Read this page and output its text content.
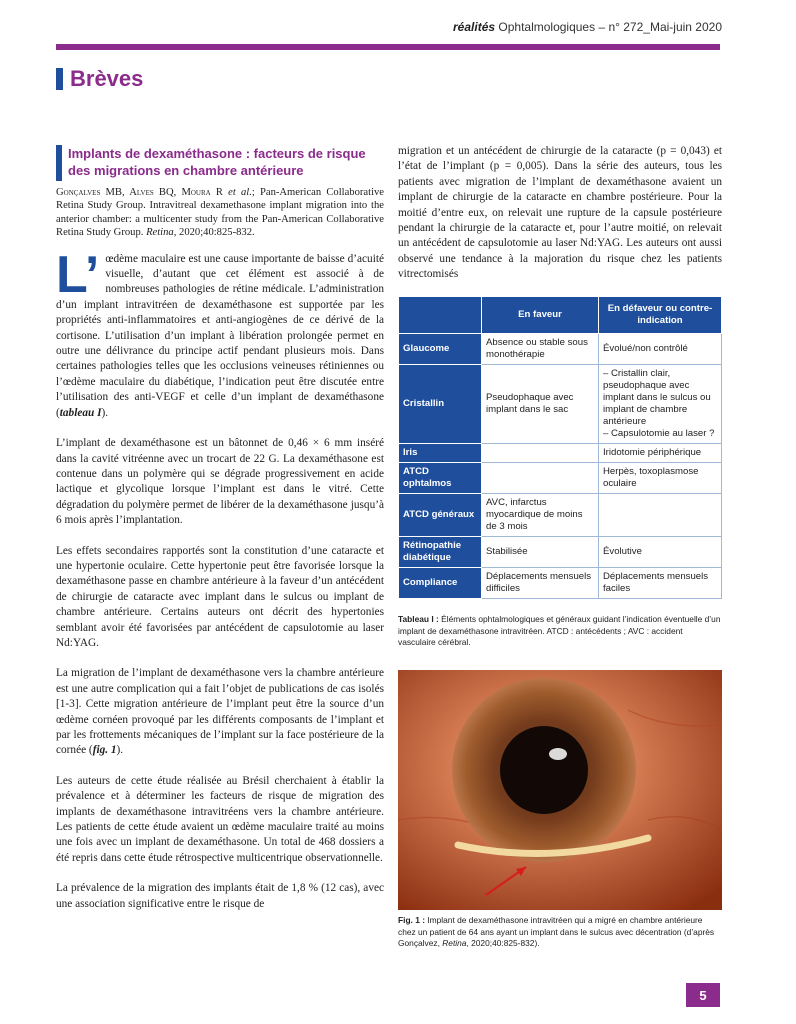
réalités Ophtalmologiques – n° 272_Mai-juin 2020
Brèves
Implants de dexaméthasone : facteurs de risque des migrations en chambre antérieure

Gonçalves MB, Alves BQ, Moura R et al.; Pan-American Collaborative Retina Study Group. Intravitreal dexamethasone implant migration into the anterior chamber: a multicenter study from the Pan-American Collaborative Retina Study Group. Retina, 2020;40:825-832.

L’ œdème maculaire est une cause importante de baisse d’acuité visuelle, d’autant que cet élément est associé à de nombreuses pathologies de rétine médicale. L’administration d’un implant intravitréen de dexaméthasone est supportée par les propriétés anti-inflammatoires et anti-angiogènes de ce dérivé de la cortisone. L’utilisation d’un implant à libération prolongée permet en outre une délivrance du principe actif pendant plusieurs mois. Dans certaines pathologies telles que les occlusions veineuses rétiniennes ou l’œdème maculaire du diabétique, l’indication peut être discutée entre l’utilisation des anti-VEGF et celle d’un implant de dexaméthasone (tableau I).

L’implant de dexaméthasone est un bâtonnet de 0,46 × 6 mm inséré dans la cavité vitréenne avec un trocart de 22 G. La dexaméthasone est contenue dans un polymère qui se dégrade progressivement en acide lactique et glycolique lorsque l’implant est dans le vitré. Cette dégradation du polymère permet de libérer de la dexaméthasone jusqu’à 6 mois après l’implantation.

Les effets secondaires rapportés sont la constitution d’une cataracte et une hypertonie oculaire. Cette hypertonie peut être favorisée lorsque la dexaméthasone passe en chambre antérieure à la faveur d’un antécédent de chirurgie de cataracte avec implant dans le sulcus ou implant de chambre antérieure. Certains auteurs ont décrit des hypertonies semblant avoir été favorisées par antécédent de capsulotomie au laser Nd:YAG.

La migration de l’implant de dexaméthasone vers la chambre antérieure est une autre complication qui a fait l’objet de publications de cas isolés [1-3]. Cette migration antérieure de l’implant peut être la source d’un œdème cornéen provoqué par les différents composants de l’implant et par les frottements mécaniques de l’implant sur la face postérieure de la cornée (fig. 1).

Les auteurs de cette étude réalisée au Brésil cherchaient à établir la prévalence et à déterminer les facteurs de risque de migration des implants de dexaméthasone intravitréens vers la chambre antérieure. Les patients de cette étude avaient un œdème maculaire traité au moins une fois avec un implant de dexaméthasone. Un total de 468 dossiers a été repris dans cette étude rétrospective multicentrique observationnelle.

La prévalence de la migration des implants était de 1,8 % (12 cas), avec une association significative entre le risque de

migration et un antécédent de chirurgie de la cataracte (p = 0,043) et l’état de l’implant (p = 0,005). Dans la série des auteurs, tous les patients avec migration de l’implant de dexaméthasone avaient un implant de chirurgie de la cataracte en chambre postérieure. Pour la moitié d’entre eux, on relevait une rupture de la capsule postérieure pendant la chirurgie de la cataracte et, pour l’autre moitié, on relevait un antécédent de capsulotomie au laser Nd:YAG. Les auteurs ont aussi observé une tendance à la majoration du risque chez les patients vitrectomisés

	En faveur	En défaveur ou contre-indication
Glaucome	Absence ou stable sous monothérapie	Évolué/non contrôlé
Cristallin	Pseudophaque avec implant dans le sac	– Cristallin clair, pseudophaque avec implant dans le sulcus ou implant de chambre antérieure
– Capsulotomie au laser ?
Iris		Iridotomie périphérique
ATCD ophtalmos		Herpès, toxoplasmose oculaire
ATCD généraux	AVC, infarctus myocardique de moins de 3 mois	
Rétinopathie diabétique	Stabilisée	Évolutive
Compliance	Déplacements mensuels difficiles	Déplacements mensuels faciles
Tableau I : Éléments ophtalmologiques et généraux guidant l’indication éventuelle d’un implant de dexaméthasone intravitréen. ATCD : antécédents ; AVC : accident vasculaire cérébral.
Fig. 1 : Implant de dexaméthasone intravitréen qui a migré en chambre antérieure chez un patient de 64 ans ayant un implant dans le sulcus avec décentration (d’après Gonçalvez, Retina, 2020;40:825-832).
5
